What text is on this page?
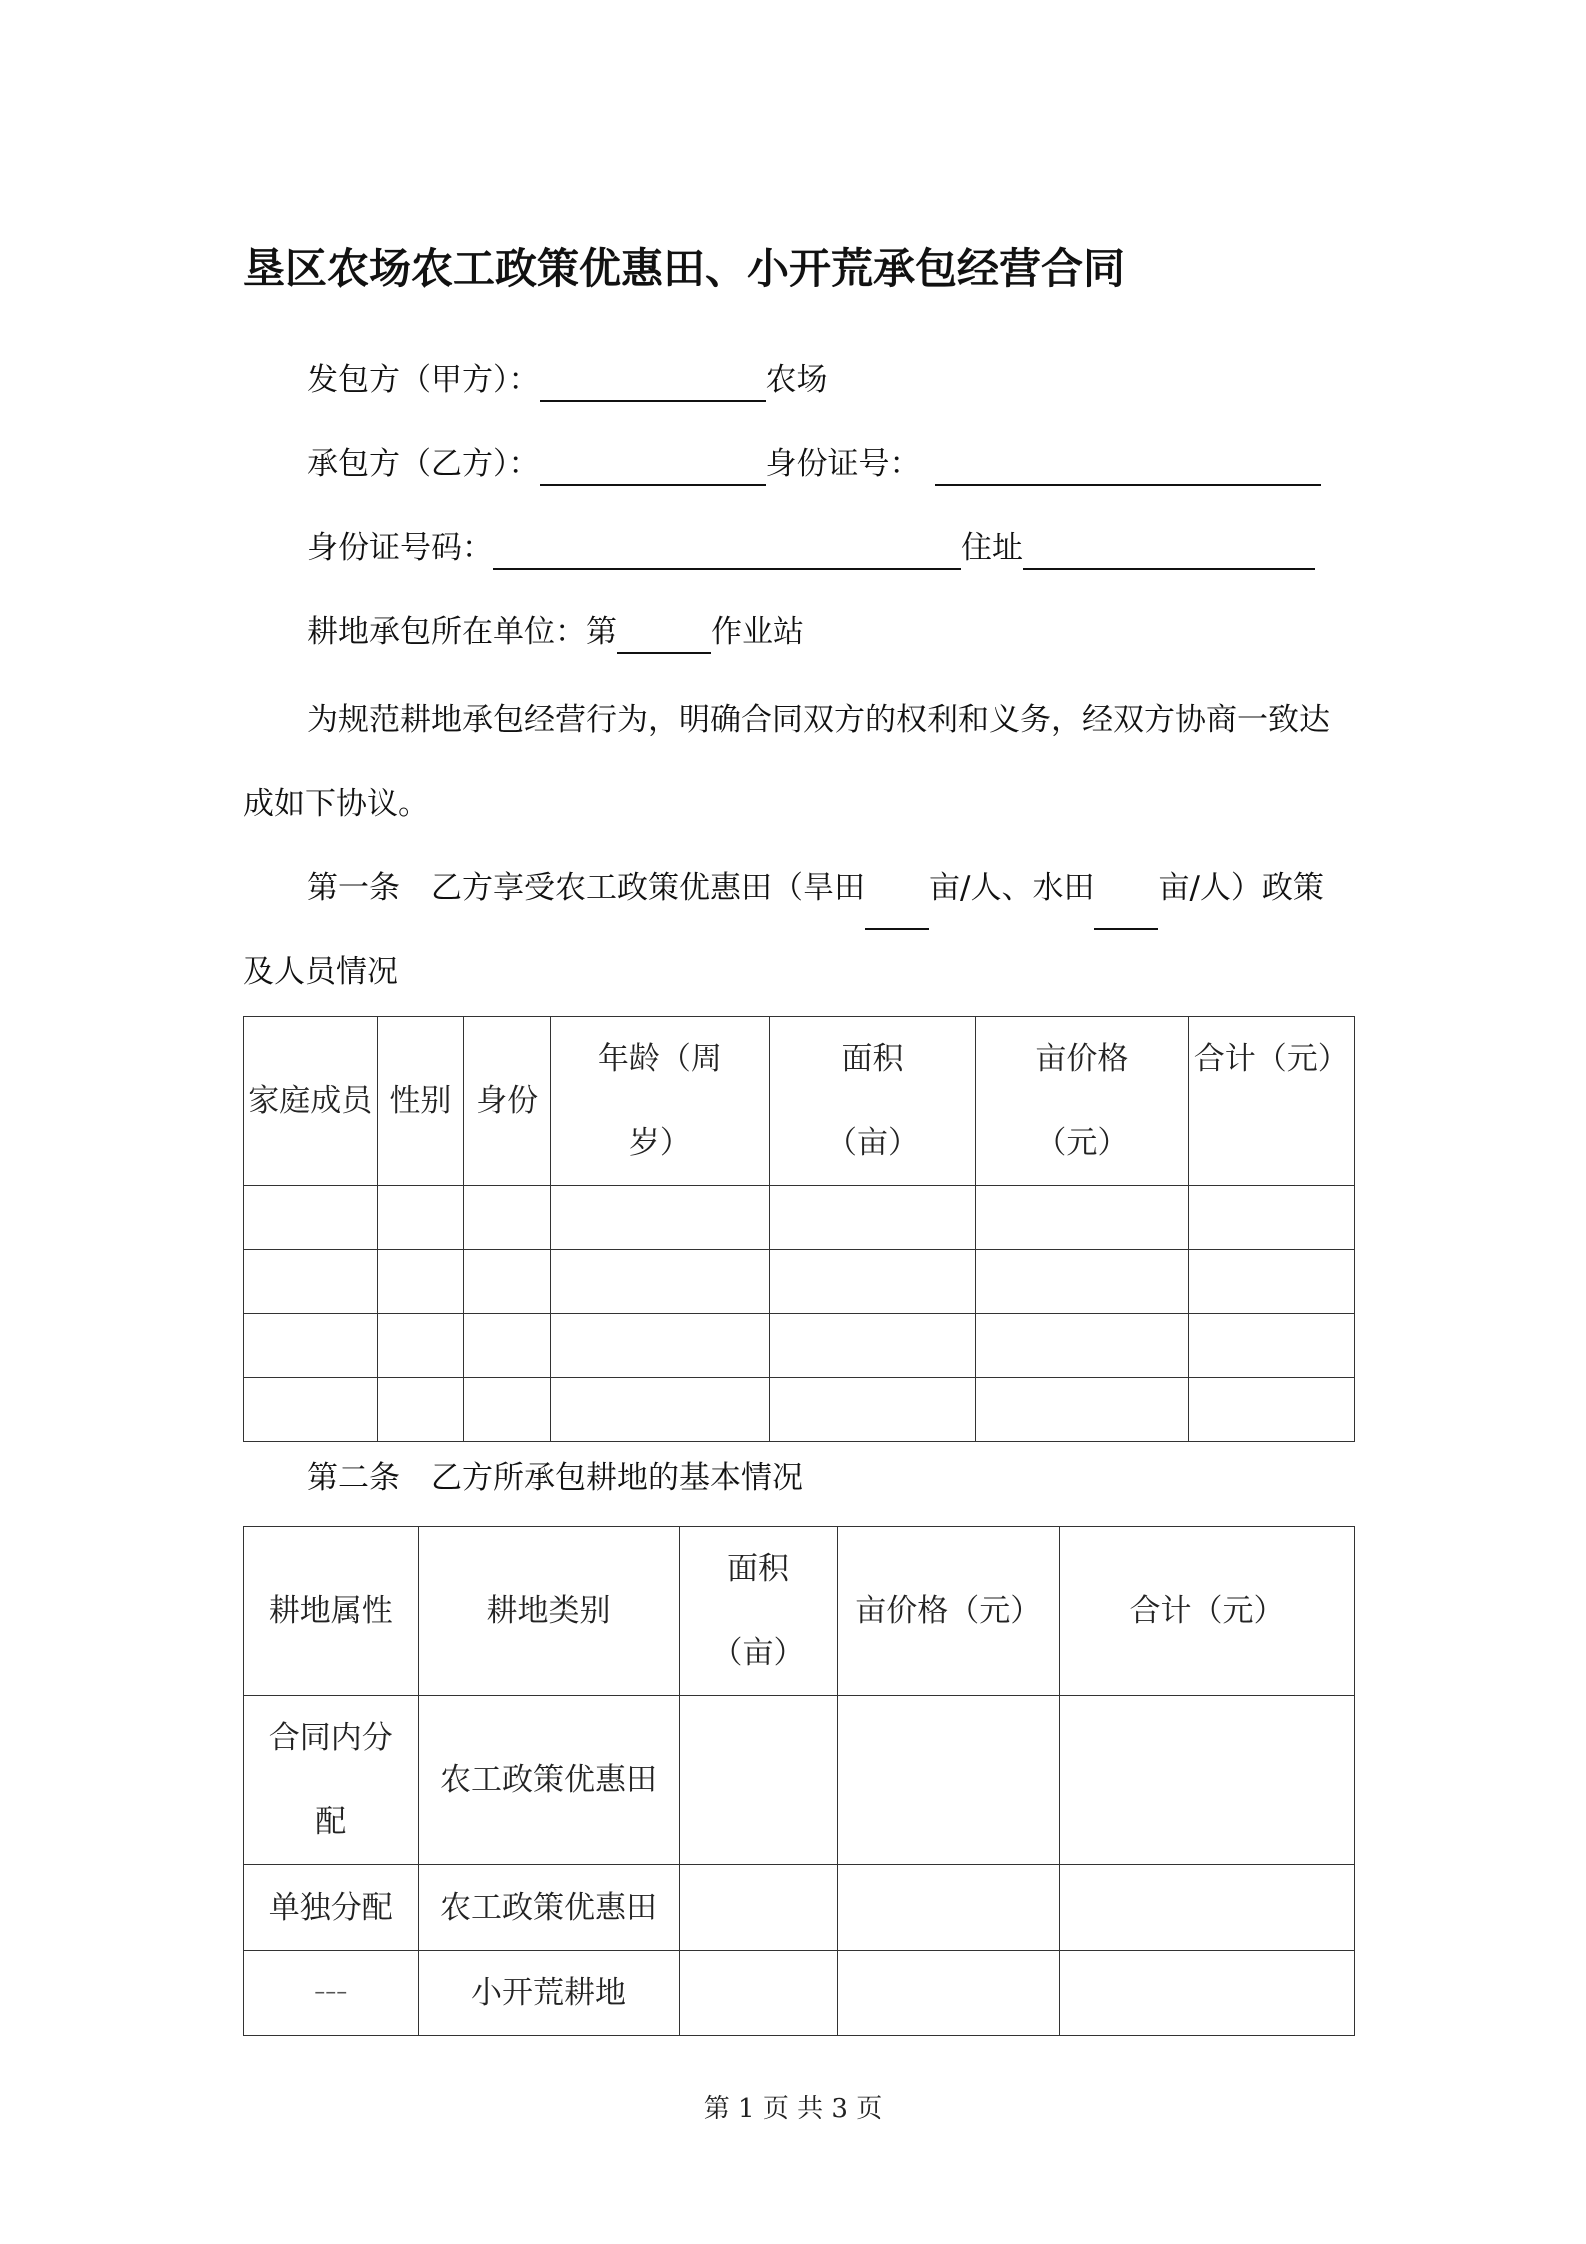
垦区农场农工政策优惠田、小开荒承包经营合同
发包方（甲方）：	农场
承包方（乙方）：	身份证号：
身份证号码：	住址
耕地承包所在单位：第	作业站
为规范耕地承包经营行为，明确合同双方的权利和义务，经双方协商一致达成如下协议。
第一条　乙方享受农工政策优惠田（旱田 亩/人、水田 亩/人）政策及人员情况
家庭成员	性别	身份	年龄（周岁）	面积（亩）	亩价格（元）	合计（元）

第二条　乙方所承包耕地的基本情况
耕地属性	耕地类别	面积（亩）	亩价格（元）	合计（元）
合同内分配	农工政策优惠田			
单独分配	农工政策优惠田			
–––	小开荒耕地			
第 1 页 共 3 页
